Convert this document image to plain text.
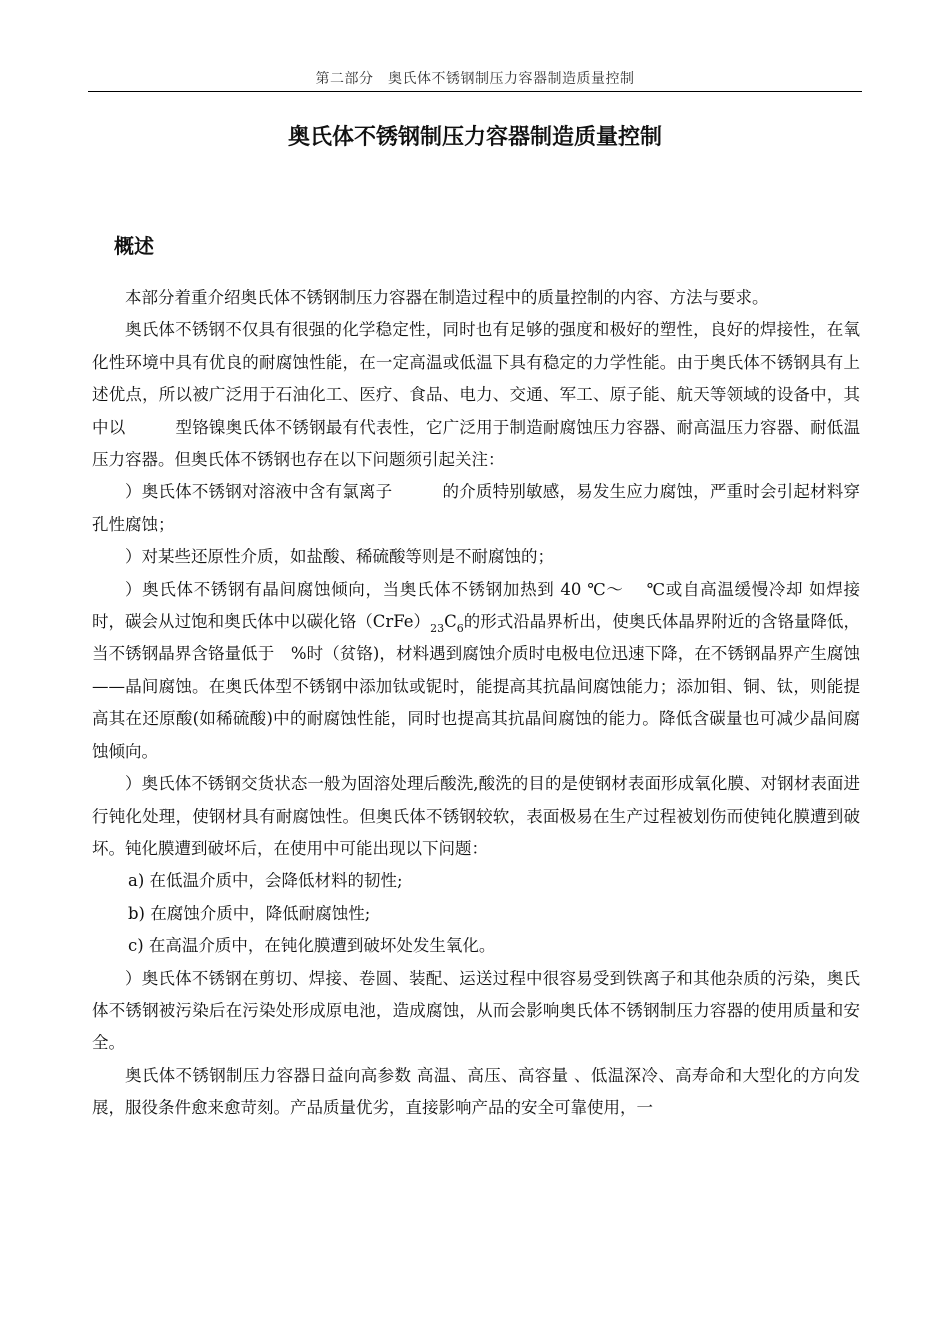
第二部分　奥氏体不锈钢制压力容器制造质量控制
奥氏体不锈钢制压力容器制造质量控制
概述

本部分着重介绍奥氏体不锈钢制压力容器在制造过程中的质量控制的内容、方法与要求。

奥氏体不锈钢不仅具有很强的化学稳定性，同时也有足够的强度和极好的塑性，良好的焊接性，在氧化性环境中具有优良的耐腐蚀性能，在一定高温或低温下具有稳定的力学性能。由于奥氏体不锈钢具有上述优点，所以被广泛用于石油化工、医疗、食品、电力、交通、军工、原子能、航天等领域的设备中，其中以　　　型铬镍奥氏体不锈钢最有代表性，它广泛用于制造耐腐蚀压力容器、耐高温压力容器、耐低温压力容器。但奥氏体不锈钢也存在以下问题须引起关注：

）奥氏体不锈钢对溶液中含有氯离子　　　的介质特别敏感，易发生应力腐蚀，严重时会引起材料穿孔性腐蚀；

）对某些还原性介质，如盐酸、稀硫酸等则是不耐腐蚀的；

）奥氏体不锈钢有晶间腐蚀倾向，当奥氏体不锈钢加热到 40 ℃～　 ℃或自高温缓慢冷却 如焊接 时，碳会从过饱和奥氏体中以碳化铬$(CrFe)_{23}C_6$的形式沿晶界析出，使奥氏体晶界附近的含铬量降低，当不锈钢晶界含铬量低于　%时（贫铬)，材料遇到腐蚀介质时电极电位迅速下降，在不锈钢晶界产生腐蚀——晶间腐蚀。在奥氏体型不锈钢中添加钛或铌时，能提高其抗晶间腐蚀能力；添加钼、铜、钛，则能提高其在还原酸(如稀硫酸)中的耐腐蚀性能，同时也提高其抗晶间腐蚀的能力。降低含碳量也可减少晶间腐蚀倾向。

）奥氏体不锈钢交货状态一般为固溶处理后酸洗,酸洗的目的是使钢材表面形成氧化膜、对钢材表面进行钝化处理，使钢材具有耐腐蚀性。但奥氏体不锈钢较软，表面极易在生产过程被划伤而使钝化膜遭到破坏。钝化膜遭到破坏后，在使用中可能出现以下问题：

a) 在低温介质中，会降低材料的韧性;

b) 在腐蚀介质中，降低耐腐蚀性;

c) 在高温介质中，在钝化膜遭到破坏处发生氧化。

）奥氏体不锈钢在剪切、焊接、卷圆、装配、运送过程中很容易受到铁离子和其他杂质的污染，奥氏体不锈钢被污染后在污染处形成原电池，造成腐蚀，从而会影响奥氏体不锈钢制压力容器的使用质量和安全。

奥氏体不锈钢制压力容器日益向高参数 高温、高压、高容量 、低温深冷、高寿命和大型化的方向发展，服役条件愈来愈苛刻。产品质量优劣，直接影响产品的安全可靠使用，一
